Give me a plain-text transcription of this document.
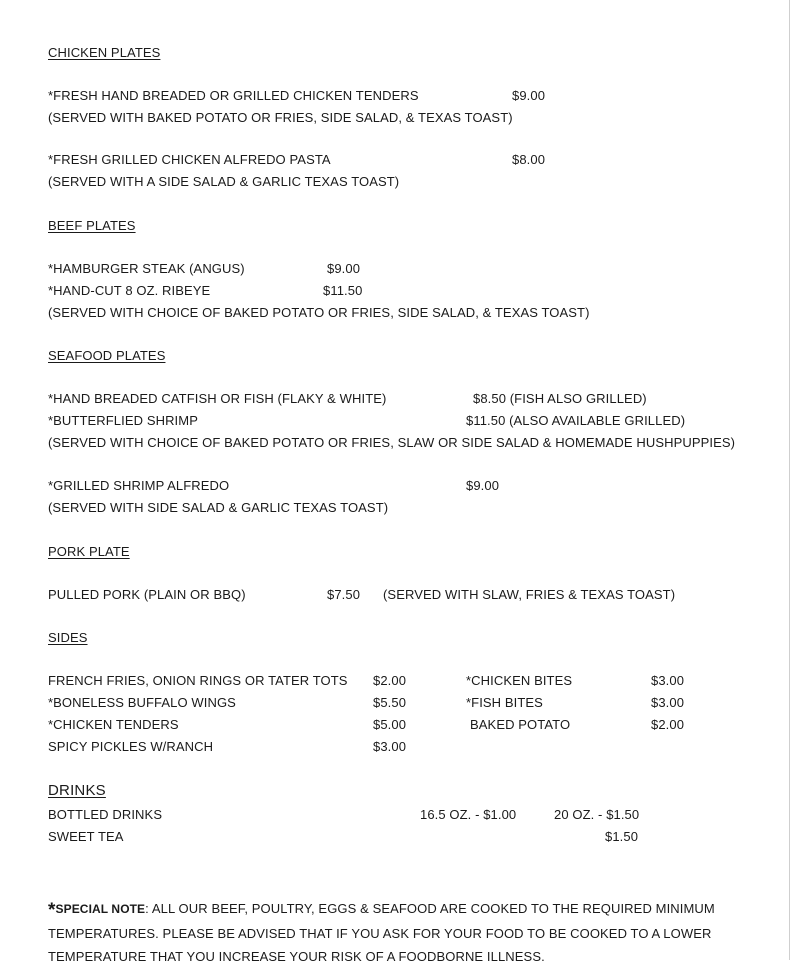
CHICKEN PLATES
*FRESH HAND BREADED OR GRILLED CHICKEN TENDERS	$9.00
(SERVED WITH BAKED POTATO OR FRIES, SIDE SALAD, & TEXAS TOAST)
*FRESH GRILLED CHICKEN ALFREDO PASTA	$8.00
(SERVED WITH A SIDE SALAD & GARLIC TEXAS TOAST)
BEEF PLATES
*HAMBURGER STEAK (ANGUS)	$9.00
*HAND-CUT 8 OZ. RIBEYE	$11.50
(SERVED WITH CHOICE OF BAKED POTATO OR FRIES, SIDE SALAD, & TEXAS TOAST)
SEAFOOD PLATES
*HAND BREADED CATFISH OR FISH (FLAKY & WHITE)	$8.50 (FISH ALSO GRILLED)
*BUTTERFLIED SHRIMP	$11.50 (ALSO AVAILABLE GRILLED)
(SERVED WITH CHOICE OF BAKED POTATO OR FRIES, SLAW OR SIDE SALAD & HOMEMADE HUSHPUPPIES)
*GRILLED SHRIMP ALFREDO	$9.00
(SERVED WITH SIDE SALAD & GARLIC TEXAS TOAST)
PORK PLATE
PULLED PORK (PLAIN OR BBQ)	$7.50 (SERVED WITH SLAW, FRIES & TEXAS TOAST)
SIDES
FRENCH FRIES, ONION RINGS OR TATER TOTS $2.00
*BONELESS BUFFALO WINGS	$5.50
*CHICKEN TENDERS	$5.00
SPICY PICKLES W/RANCH	$3.00
*CHICKEN BITES	$3.00
*FISH BITES	$3.00
BAKED POTATO	$2.00
DRINKS
BOTTLED DRINKS	16.5 OZ. - $1.00	20 OZ. - $1.50
SWEET TEA	$1.50
*SPECIAL NOTE: ALL OUR BEEF, POULTRY, EGGS & SEAFOOD ARE COOKED TO THE REQUIRED MINIMUM
TEMPERATURES. PLEASE BE ADVISED THAT IF YOU ASK FOR YOUR FOOD TO BE COOKED TO A LOWER
TEMPERATURE THAT YOU INCREASE YOUR RISK OF A FOODBORNE ILLNESS.
